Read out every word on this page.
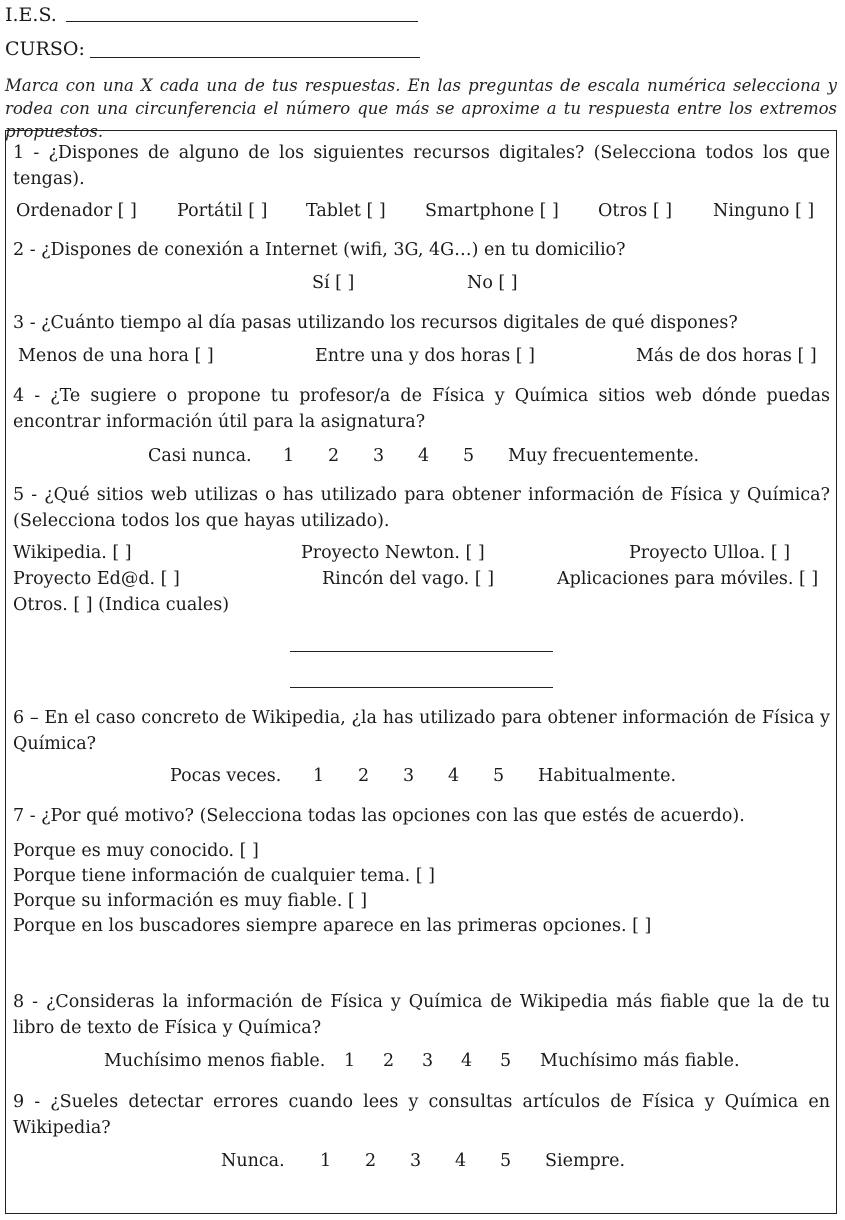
I.E.S.
CURSO:
Marca con una X cada una de tus respuestas. En las preguntas de escala numérica selecciona y rodea con una circunferencia el número que más se aproxime a tu respuesta entre los extremos propuestos.
1 - ¿Dispones de alguno de los siguientes recursos digitales? (Selecciona todos los que tengas).
Ordenador [ ] Portátil [ ] Tablet [ ] Smartphone [ ] Otros [ ] Ninguno [ ]
2 - ¿Dispones de conexión a Internet (wifi, 3G, 4G…) en tu domicilio?
Sí [ ]	No [ ]
3 - ¿Cuánto tiempo al día pasas utilizando los recursos digitales de qué dispones?
Menos de una hora [ ]	Entre una y dos horas [ ]	Más de dos horas [ ]
4 - ¿Te sugiere o propone tu profesor/a de Física y Química sitios web dónde puedas encontrar información útil para la asignatura?
Casi nunca. 1 2 3 4 5 Muy frecuentemente.
5 - ¿Qué sitios web utilizas o has utilizado para obtener información de Física y Química? (Selecciona todos los que hayas utilizado).
Wikipedia. [ ]	Proyecto Newton. [ ]	Proyecto Ulloa. [ ]
Proyecto Ed@d. [ ]	Rincón del vago. [ ]	Aplicaciones para móviles. [ ]
Otros. [ ] (Indica cuales)
6 – En el caso concreto de Wikipedia, ¿la has utilizado para obtener información de Física y Química?
Pocas veces. 1 2 3 4 5 Habitualmente.
7 - ¿Por qué motivo? (Selecciona todas las opciones con las que estés de acuerdo).
Porque es muy conocido. [ ]
Porque tiene información de cualquier tema. [ ]
Porque su información es muy fiable. [ ]
Porque en los buscadores siempre aparece en las primeras opciones. [ ]
8 - ¿Consideras la información de Física y Química de Wikipedia más fiable que la de tu libro de texto de Física y Química?
Muchísimo menos fiable. 1 2 3 4 5 Muchísimo más fiable.
9 - ¿Sueles detectar errores cuando lees y consultas artículos de Física y Química en Wikipedia?
Nunca. 1 2 3 4 5 Siempre.
